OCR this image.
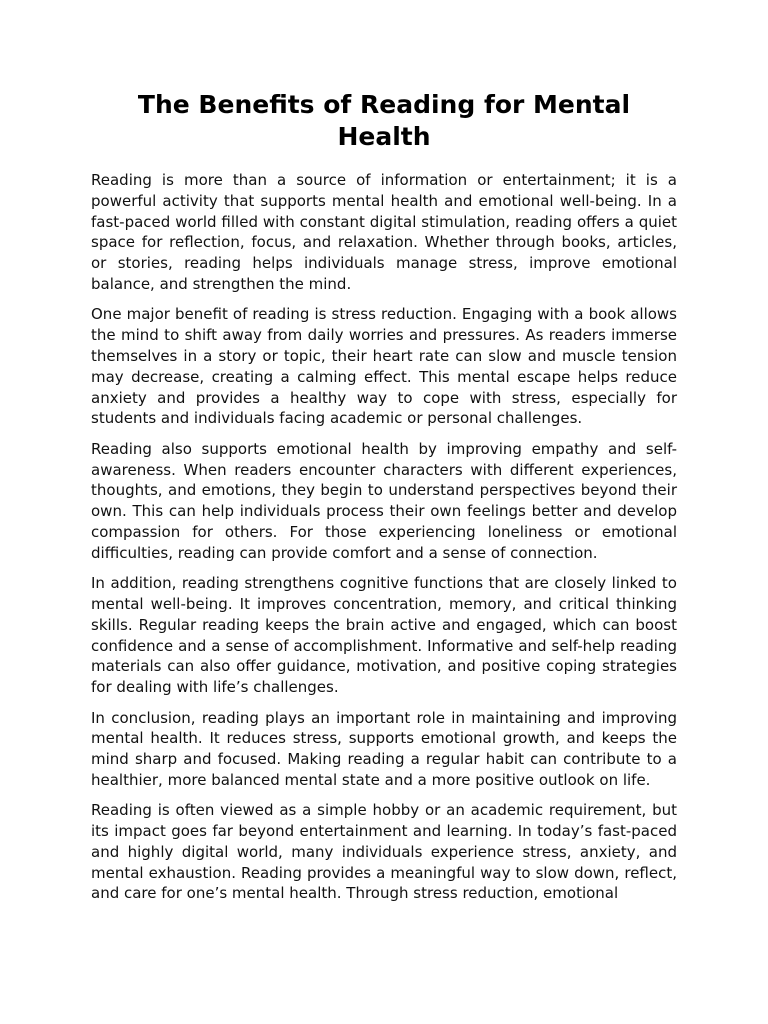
The Benefits of Reading for Mental Health

Reading is more than a source of information or entertainment; it is a powerful activity that supports mental health and emotional well-being. In a fast-paced world filled with constant digital stimulation, reading offers a quiet space for reflection, focus, and relaxation. Whether through books, articles, or stories, reading helps individuals manage stress, improve emotional balance, and strengthen the mind.

One major benefit of reading is stress reduction. Engaging with a book allows the mind to shift away from daily worries and pressures. As readers immerse themselves in a story or topic, their heart rate can slow and muscle tension may decrease, creating a calming effect. This mental escape helps reduce anxiety and provides a healthy way to cope with stress, especially for students and individuals facing academic or personal challenges.

Reading also supports emotional health by improving empathy and self-awareness. When readers encounter characters with different experiences, thoughts, and emotions, they begin to understand perspectives beyond their own. This can help individuals process their own feelings better and develop compassion for others. For those experiencing loneliness or emotional difficulties, reading can provide comfort and a sense of connection.

In addition, reading strengthens cognitive functions that are closely linked to mental well-being. It improves concentration, memory, and critical thinking skills. Regular reading keeps the brain active and engaged, which can boost confidence and a sense of accomplishment. Informative and self-help reading materials can also offer guidance, motivation, and positive coping strategies for dealing with life’s challenges.

In conclusion, reading plays an important role in maintaining and improving mental health. It reduces stress, supports emotional growth, and keeps the mind sharp and focused. Making reading a regular habit can contribute to a healthier, more balanced mental state and a more positive outlook on life.

Reading is often viewed as a simple hobby or an academic requirement, but its impact goes far beyond entertainment and learning. In today’s fast-paced and highly digital world, many individuals experience stress, anxiety, and mental exhaustion. Reading provides a meaningful way to slow down, reflect, and care for one’s mental health. Through stress reduction, emotional
